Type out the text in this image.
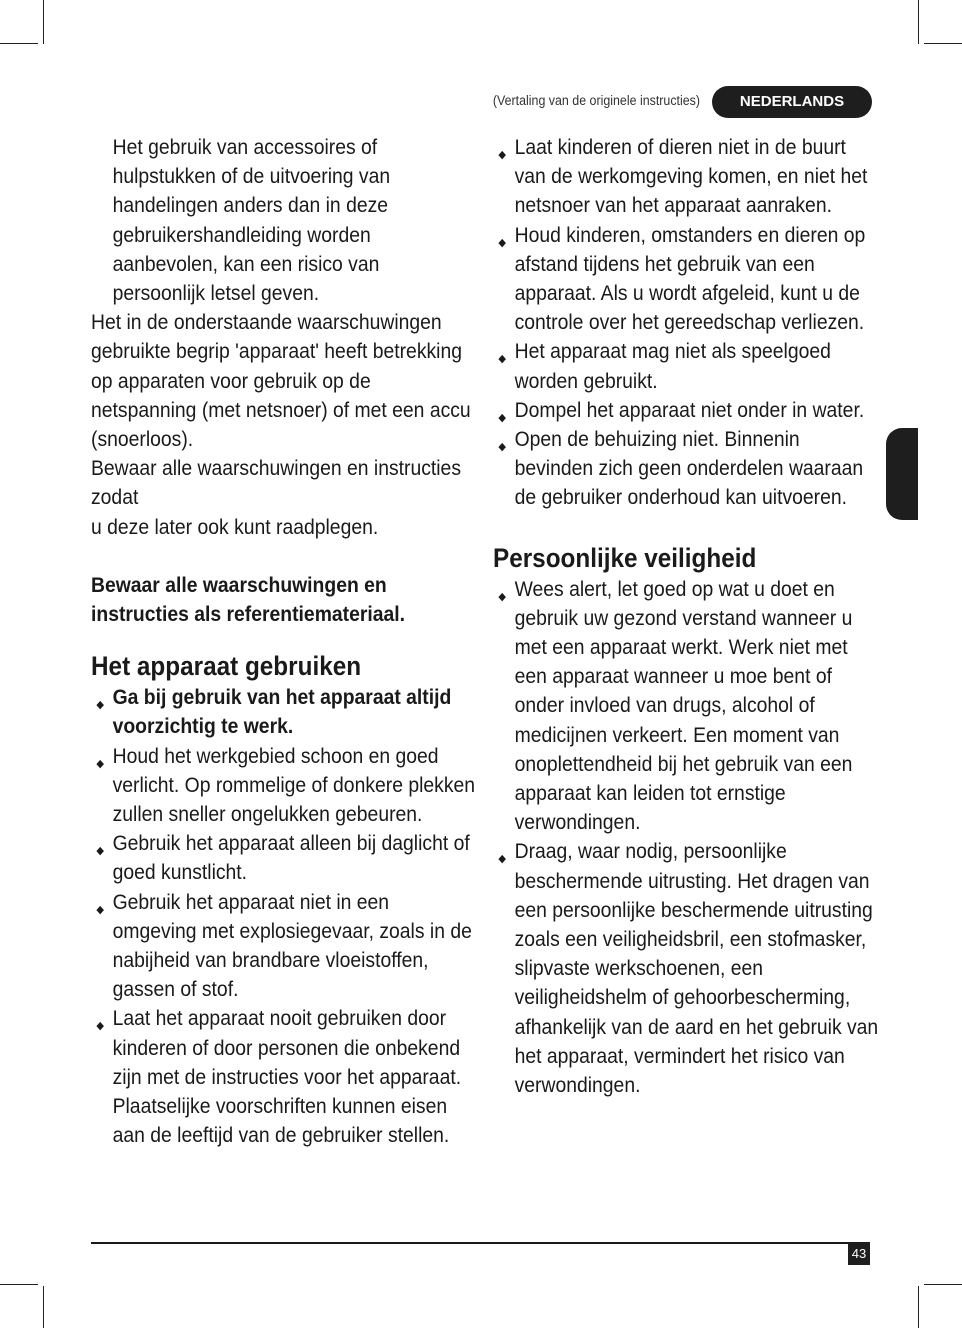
(Vertaling van de originele instructies)	NEDERLANDS
Het gebruik van accessoires of
hulpstukken of de uitvoering van
handelingen anders dan in deze
gebruikershandleiding worden
aanbevolen, kan een risico van
persoonlijk letsel geven.

Het in de onderstaande waarschuwingen gebruikte begrip 'apparaat' heeft betrekking op apparaten voor gebruik op de netspanning (met netsnoer) of met een accu (snoerloos).

Bewaar alle waarschuwingen en instructies zodat

u deze later ook kunt raadplegen.

Bewaar alle waarschuwingen en instructies als referentiemateriaal.

Het apparaat gebruiken
◆ Ga bij gebruik van het apparaat altijd voorzichtig te werk.
◆ Houd het werkgebied schoon en goed verlicht. Op rommelige of donkere plekken zullen sneller ongelukken gebeuren.
◆ Gebruik het apparaat alleen bij daglicht of goed kunstlicht.
◆ Gebruik het apparaat niet in een omgeving met explosiegevaar, zoals in de nabijheid van brandbare vloeistoffen, gassen of stof.
◆ Laat het apparaat nooit gebruiken door kinderen of door personen die onbekend zijn met de instructies voor het apparaat. Plaatselijke voorschriften kunnen eisen aan de leeftijd van de gebruiker stellen.
◆ Laat kinderen of dieren niet in de buurt van de werkomgeving komen, en niet het netsnoer van het apparaat aanraken.
◆ Houd kinderen, omstanders en dieren op afstand tijdens het gebruik van een apparaat. Als u wordt afgeleid, kunt u de controle over het gereedschap verliezen.
◆ Het apparaat mag niet als speelgoed worden gebruikt.
◆ Dompel het apparaat niet onder in water.
◆ Open de behuizing niet. Binnenin bevinden zich geen onderdelen waaraan de gebruiker onderhoud kan uitvoeren.
Persoonlijke veiligheid
◆ Wees alert, let goed op wat u doet en gebruik uw gezond verstand wanneer u met een apparaat werkt. Werk niet met een apparaat wanneer u moe bent of onder invloed van drugs, alcohol of medicijnen verkeert. Een moment van onoplettendheid bij het gebruik van een apparaat kan leiden tot ernstige verwondingen.
◆ Draag, waar nodig, persoonlijke beschermende uitrusting. Het dragen van een persoonlijke beschermende uitrusting zoals een veiligheidsbril, een stofmasker, slipvaste werkschoenen, een veiligheidshelm of gehoorbescherming, afhankelijk van de aard en het gebruik van het apparaat, vermindert het risico van verwondingen.
43
